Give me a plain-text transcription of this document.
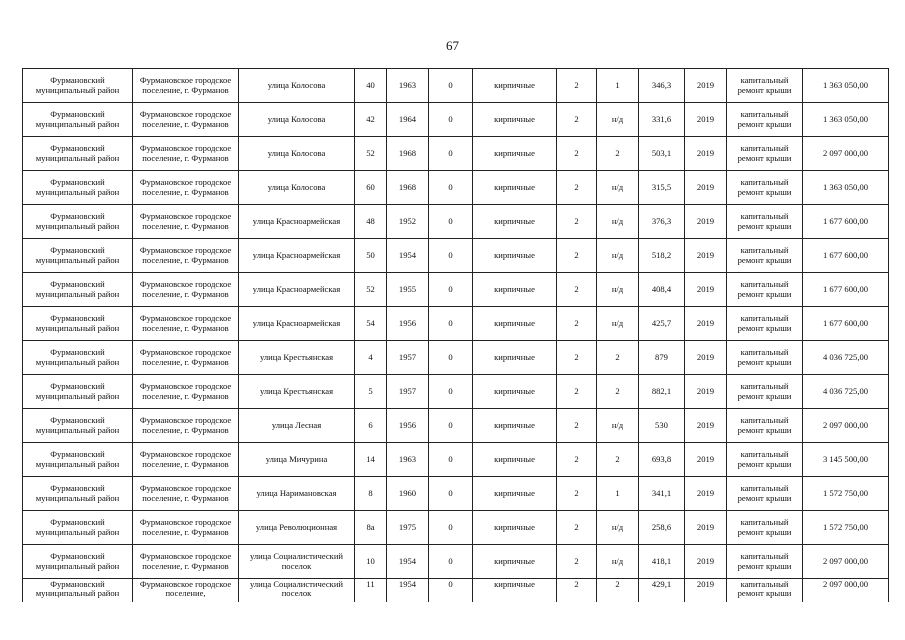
67
Фурмановский муниципальный район	Фурмановское городское поселение, г. Фурманов	улица Колосова	40	1963	0	кирпичные	2	1	346,3	2019	капитальный ремонт крыши	1 363 050,00
Фурмановский муниципальный район	Фурмановское городское поселение, г. Фурманов	улица Колосова	42	1964	0	кирпичные	2	н/д	331,6	2019	капитальный ремонт крыши	1 363 050,00
Фурмановский муниципальный район	Фурмановское городское поселение, г. Фурманов	улица Колосова	52	1968	0	кирпичные	2	2	503,1	2019	капитальный ремонт крыши	2 097 000,00
Фурмановский муниципальный район	Фурмановское городское поселение, г. Фурманов	улица Колосова	60	1968	0	кирпичные	2	н/д	315,5	2019	капитальный ремонт крыши	1 363 050,00
Фурмановский муниципальный район	Фурмановское городское поселение, г. Фурманов	улица Красноармейская	48	1952	0	кирпичные	2	н/д	376,3	2019	капитальный ремонт крыши	1 677 600,00
Фурмановский муниципальный район	Фурмановское городское поселение, г. Фурманов	улица Красноармейская	50	1954	0	кирпичные	2	н/д	518,2	2019	капитальный ремонт крыши	1 677 600,00
Фурмановский муниципальный район	Фурмановское городское поселение, г. Фурманов	улица Красноармейская	52	1955	0	кирпичные	2	н/д	408,4	2019	капитальный ремонт крыши	1 677 600,00
Фурмановский муниципальный район	Фурмановское городское поселение, г. Фурманов	улица Красноармейская	54	1956	0	кирпичные	2	н/д	425,7	2019	капитальный ремонт крыши	1 677 600,00
Фурмановский муниципальный район	Фурмановское городское поселение, г. Фурманов	улица Крестьянская	4	1957	0	кирпичные	2	2	879	2019	капитальный ремонт крыши	4 036 725,00
Фурмановский муниципальный район	Фурмановское городское поселение, г. Фурманов	улица Крестьянская	5	1957	0	кирпичные	2	2	882,1	2019	капитальный ремонт крыши	4 036 725,00
Фурмановский муниципальный район	Фурмановское городское поселение, г. Фурманов	улица Лесная	6	1956	0	кирпичные	2	н/д	530	2019	капитальный ремонт крыши	2 097 000,00
Фурмановский муниципальный район	Фурмановское городское поселение, г. Фурманов	улица Мичурина	14	1963	0	кирпичные	2	2	693,8	2019	капитальный ремонт крыши	3 145 500,00
Фурмановский муниципальный район	Фурмановское городское поселение, г. Фурманов	улица Наримановская	8	1960	0	кирпичные	2	1	341,1	2019	капитальный ремонт крыши	1 572 750,00
Фурмановский муниципальный район	Фурмановское городское поселение, г. Фурманов	улица Революционная	8а	1975	0	кирпичные	2	н/д	258,6	2019	капитальный ремонт крыши	1 572 750,00
Фурмановский муниципальный район	Фурмановское городское поселение, г. Фурманов	улица Социалистический поселок	10	1954	0	кирпичные	2	н/д	418,1	2019	капитальный ремонт крыши	2 097 000,00
Фурмановский муниципальный район	Фурмановское городское поселение,	улица Социалистический поселок	11	1954	0	кирпичные	2	2	429,1	2019	капитальный ремонт крыши	2 097 000,00
